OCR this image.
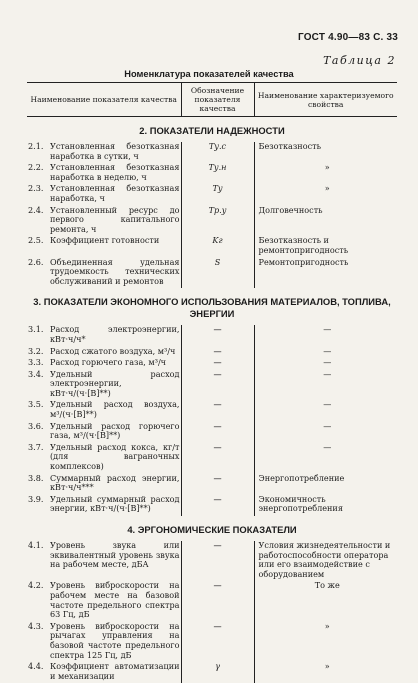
ГОСТ 4.90—83 С. 33
Таблица 2
Номенклатура показателей качества
Наименование показателя качества	Обозначение показателя качества	Наименование характеризуемого свойства
2. ПОКАЗАТЕЛИ НАДЕЖНОСТИ		

2.1. Установленная безотказная наработка в сутки, ч	Tу.с	Безотказность

2.2. Установленная безотказная наработка в неделю, ч	Tу.н	»

2.3. Установленная безотказная наработка, ч	Tу	»

2.4. Установленный ресурс до первого капитального ремонта, ч	Tр.у	Долговечность

2.5. Коэффициент готовности	Kг	Безотказность и ремонтопригодность

2.6. Объединенная удельная трудоемкость технических обслуживаний и ремонтов	S	Ремонтопригодность
3. ПОКАЗАТЕЛИ ЭКОНОМНОГО ИСПОЛЬЗОВАНИЯ МАТЕРИАЛОВ, ТОПЛИВА, ЭНЕРГИИ		

3.1. Расход электроэнергии, кВт·ч/ч*	—	—

3.2. Расход сжатого воздуха, м³/ч	—	—

3.3. Расход горючего газа, м³/ч	—	—

3.4. Удельный расход электроэнергии, кВт·ч/(ч·[В]**)	—	—

3.5. Удельный расход воздуха, м³/(ч·[В]**)	—	—

3.6. Удельный расход горючего газа, м³/(ч·[В]**)	—	—

3.7. Удельный расход кокса, кг/т (для ваграночных комплексов)	—	—

3.8. Суммарный расход энергии, кВт·ч/ч***	—	Энергопотребление

3.9. Удельный суммарный расход энергии, кВт·ч/(ч·[В]**)	—	Экономичность энергопотребления
4. ЭРГОНОМИЧЕСКИЕ ПОКАЗАТЕЛИ		

4.1. Уровень звука или эквивалентный уровень звука на рабочем месте, дБА	—	Условия жизнедеятельности и работоспособности оператора или его взаимодействие с оборудованием

4.2. Уровень виброскорости на рабочем месте на базовой частоте предельного спектра 63 Гц, дБ	—	То же

4.3. Уровень виброскорости на рычагах управления на базовой частоте предельного спектра 125 Гц, дБ	—	»

4.4. Коэффициент автоматизации и механизации	γ	»
